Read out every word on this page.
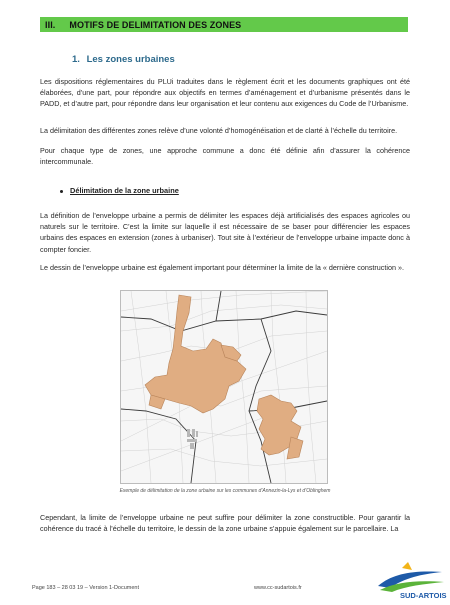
III. MOTIFS DE DELIMITATION DES ZONES
1. Les zones urbaines
Les dispositions réglementaires du PLUi traduites dans le règlement écrit et les documents graphiques ont été élaborées, d’une part, pour répondre aux objectifs en termes d’aménagement et d’urbanisme présentés dans le PADD, et d’autre part, pour répondre dans leur organisation et leur contenu aux exigences du Code de l’Urbanisme.
La délimitation des différentes zones relève d’une volonté d’homogénéisation et de clarté à l’échelle du territoire.
Pour chaque type de zones, une approche commune a donc été définie afin d’assurer la cohérence intercommunale.
Délimitation de la zone urbaine
La définition de l’enveloppe urbaine a permis de délimiter les espaces déjà artificialisés des espaces agricoles ou naturels sur le territoire. C’est la limite sur laquelle il est nécessaire de se baser pour différencier les espaces urbains des espaces en extension (zones à urbaniser). Tout site à l’extérieur de l’enveloppe urbaine impacte donc à compter foncier.
Le dessin de l’enveloppe urbaine est également important pour déterminer la limite de la « dernière construction ».
Exemple de délimitation de la zone urbaine sur les communes d’Annezin-la-Lys et d’Oblinghem
Cependant, la limite de l’enveloppe urbaine ne peut suffire pour délimiter la zone constructible. Pour garantir la cohérence du tracé à l’échelle du territoire, le dessin de la zone urbaine s’appuie également sur le parcellaire. La
Page 183 – 28 03 19 – Version 1-Document	www.cc-sudartois.fr
SUD-ARTOIS
